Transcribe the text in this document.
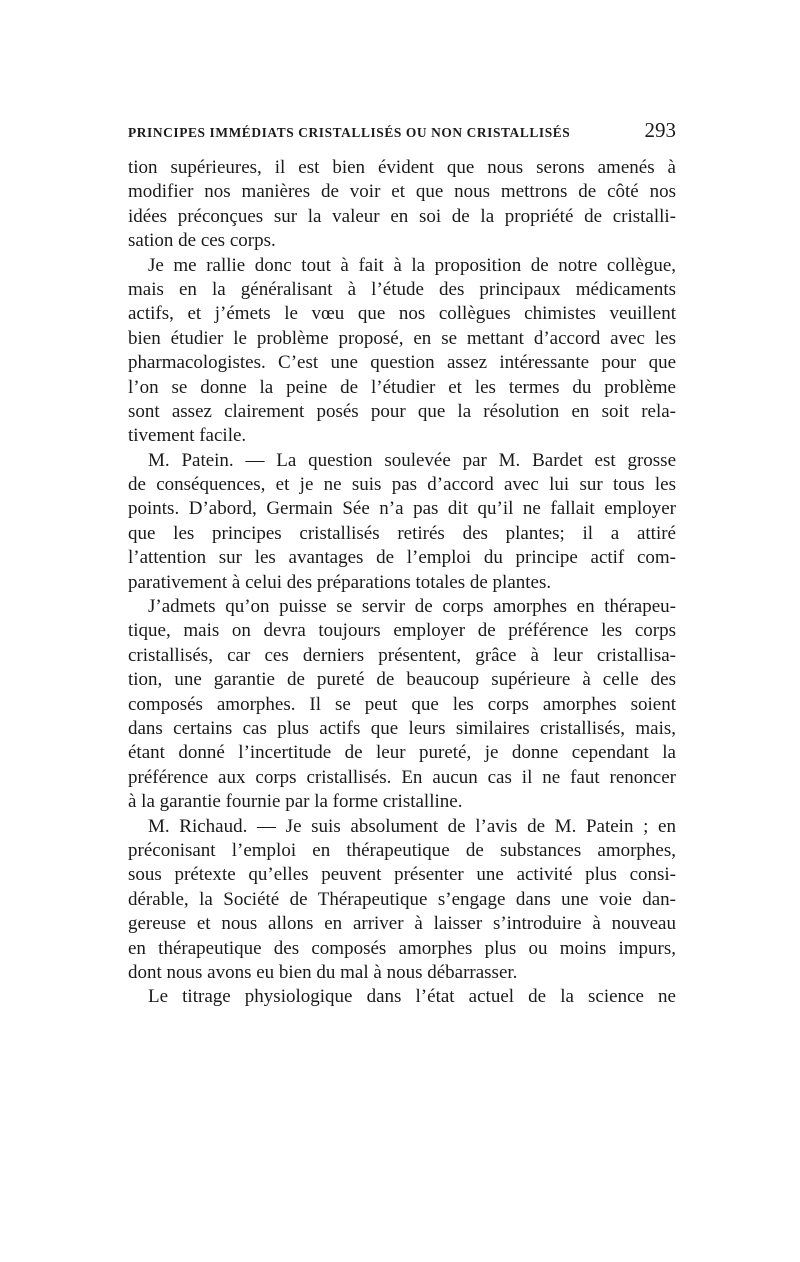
PRINCIPES IMMÉDIATS CRISTALLISÉS OU NON CRISTALLISÉS	293
tion supérieures, il est bien évident que nous serons amenés à
modifier nos manières de voir et que nous mettrons de côté nos
idées préconçues sur la valeur en soi de la propriété de cristalli-
sation de ces corps.
Je me rallie donc tout à fait à la proposition de notre collègue,
mais en la généralisant à l’étude des principaux médicaments
actifs, et j’émets le vœu que nos collègues chimistes veuillent
bien étudier le problème proposé, en se mettant d’accord avec les
pharmacologistes. C’est une question assez intéressante pour que
l’on se donne la peine de l’étudier et les termes du problème
sont assez clairement posés pour que la résolution en soit rela-
tivement facile.
M. Patein. — La question soulevée par M. Bardet est grosse
de conséquences, et je ne suis pas d’accord avec lui sur tous les
points. D’abord, Germain Sée n’a pas dit qu’il ne fallait employer
que les principes cristallisés retirés des plantes; il a attiré
l’attention sur les avantages de l’emploi du principe actif com-
parativement à celui des préparations totales de plantes.
J’admets qu’on puisse se servir de corps amorphes en thérapeu-
tique, mais on devra toujours employer de préférence les corps
cristallisés, car ces derniers présentent, grâce à leur cristallisa-
tion, une garantie de pureté de beaucoup supérieure à celle des
composés amorphes. Il se peut que les corps amorphes soient
dans certains cas plus actifs que leurs similaires cristallisés, mais,
étant donné l’incertitude de leur pureté, je donne cependant la
préférence aux corps cristallisés. En aucun cas il ne faut renoncer
à la garantie fournie par la forme cristalline.
M. Richaud. — Je suis absolument de l’avis de M. Patein ; en
préconisant l’emploi en thérapeutique de substances amorphes,
sous prétexte qu’elles peuvent présenter une activité plus consi-
dérable, la Société de Thérapeutique s’engage dans une voie dan-
gereuse et nous allons en arriver à laisser s’introduire à nouveau
en thérapeutique des composés amorphes plus ou moins impurs,
dont nous avons eu bien du mal à nous débarrasser.
Le titrage physiologique dans l’état actuel de la science ne
